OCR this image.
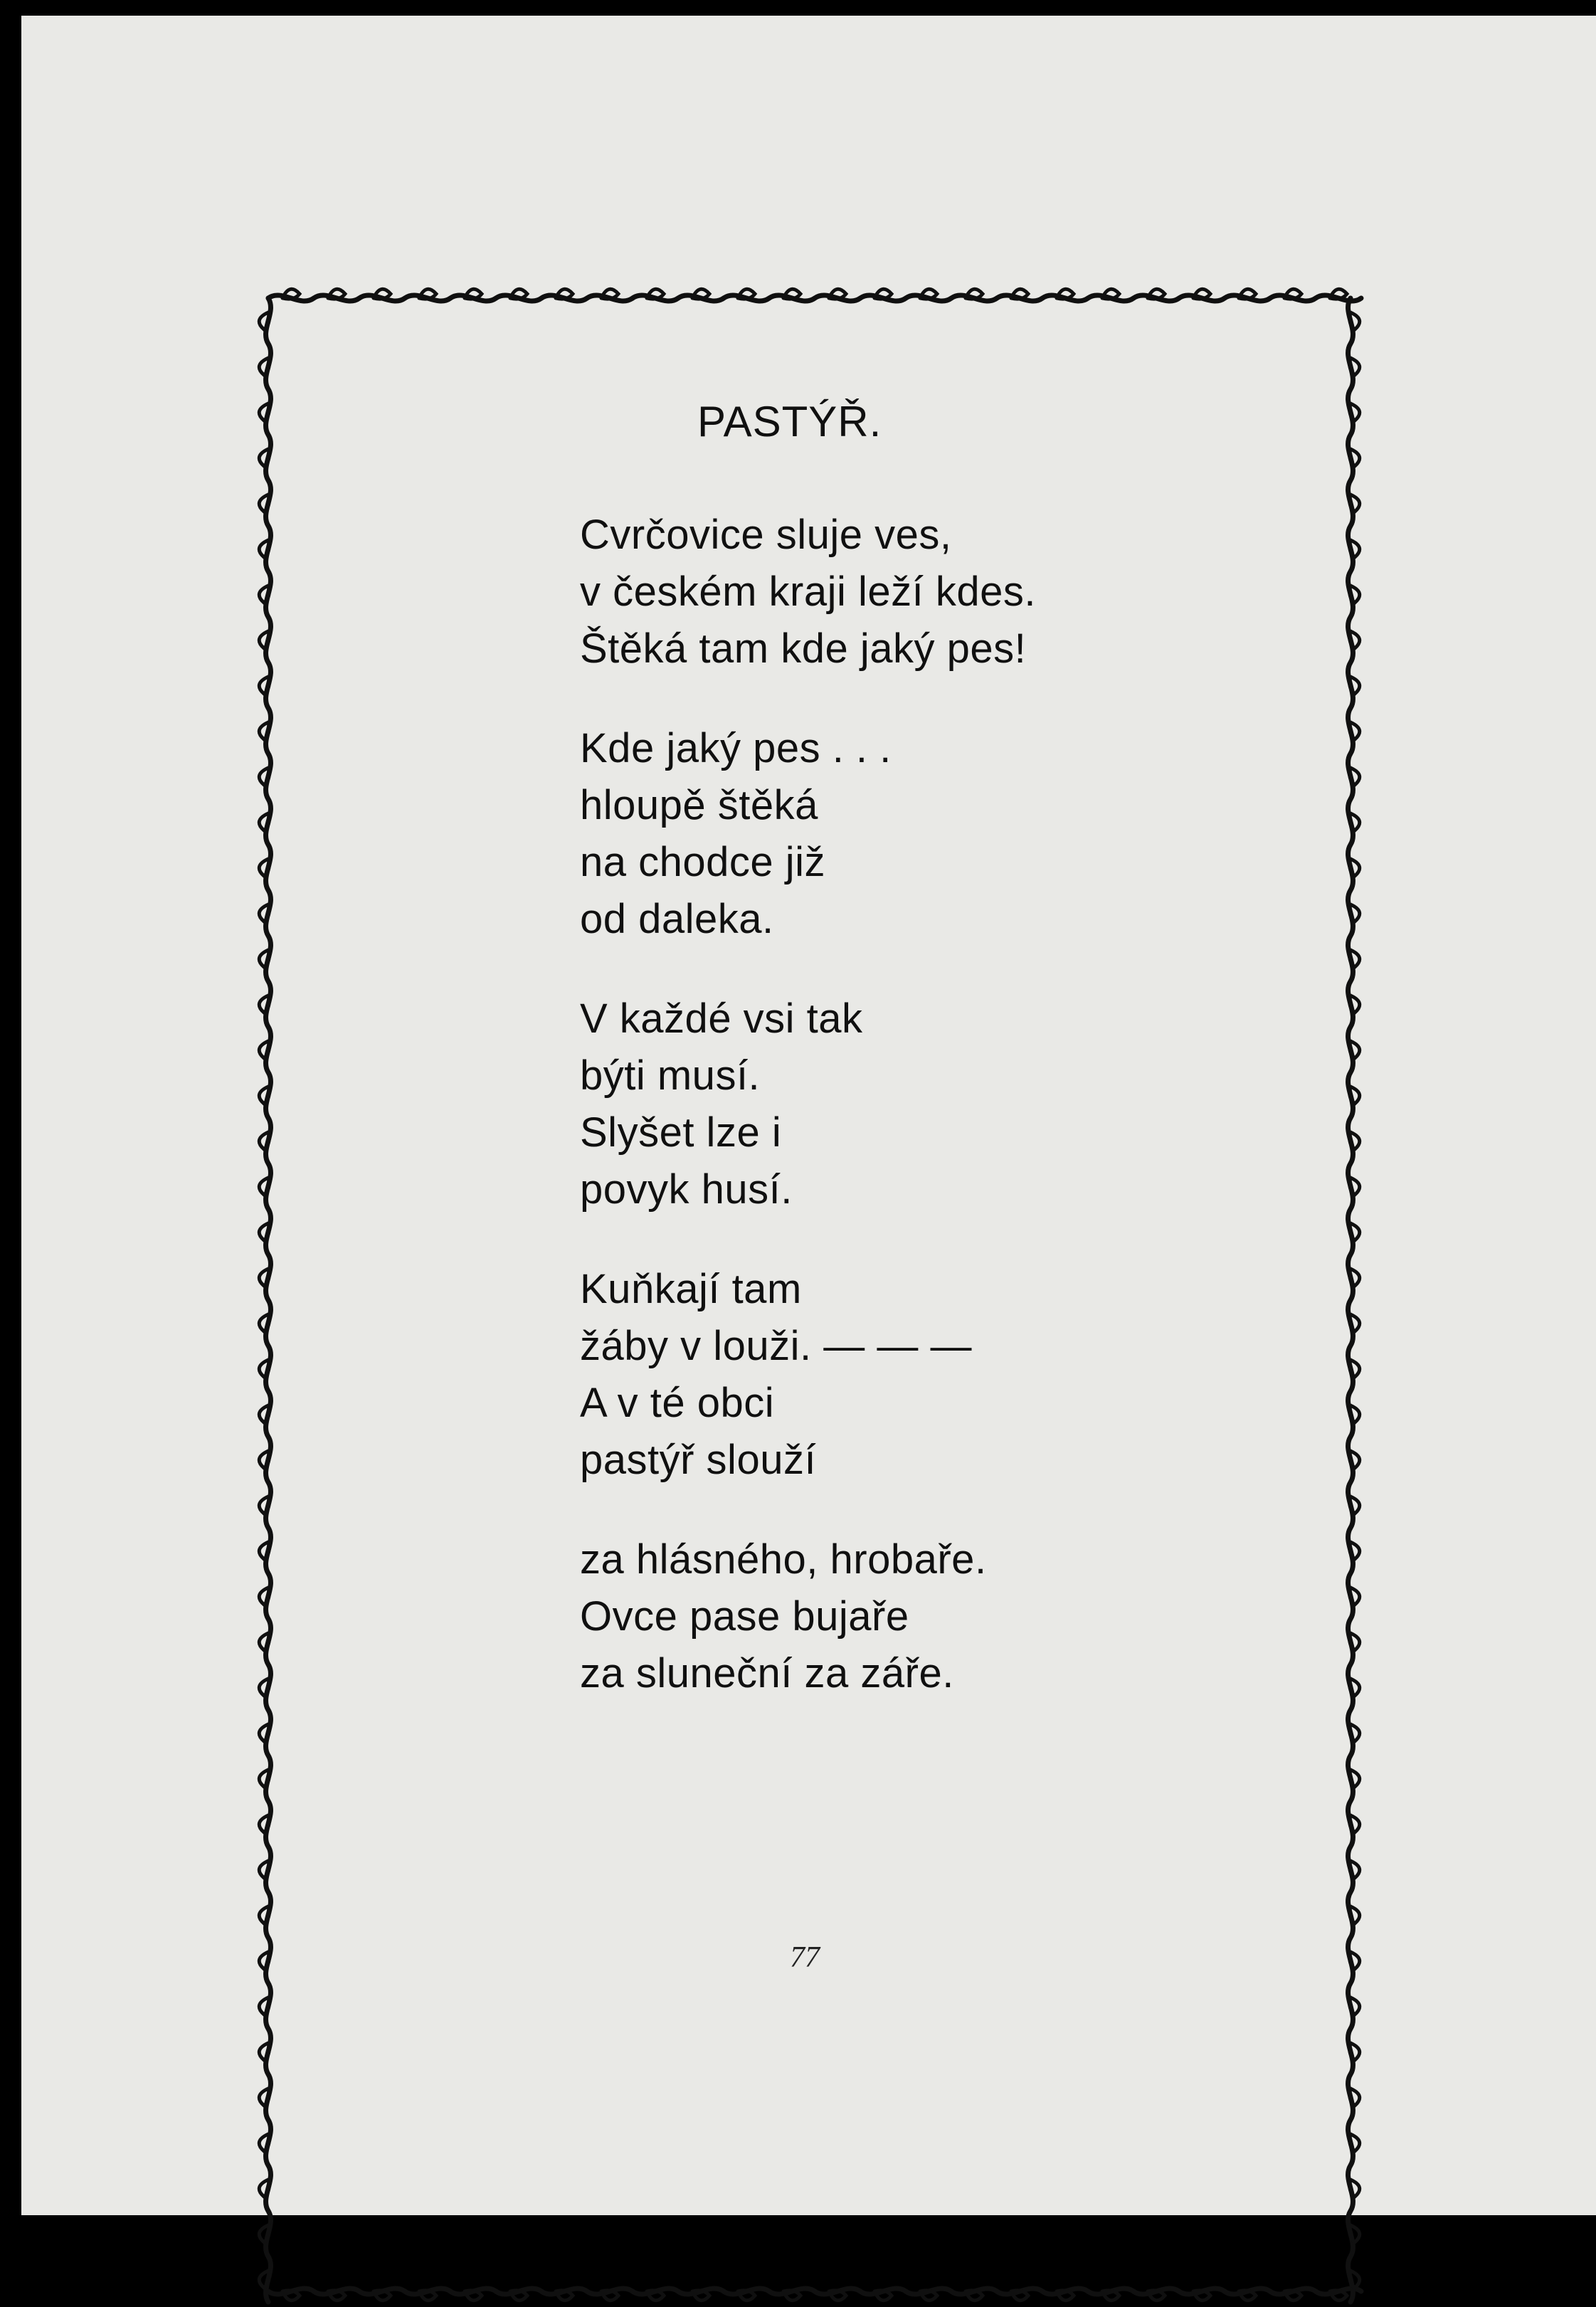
PASTÝŘ.
Cvrčovice sluje ves,
v českém kraji leží kdes.
Štěká tam kde jaký pes!
Kde jaký pes . . .
hloupě štěká
na chodce již
od daleka.
V každé vsi tak
býti musí.
Slyšet lze i
povyk husí.
Kuňkají tam
žáby v louži. — — —
A v té obci
pastýř slouží
za hlásného, hrobaře.
Ovce pase bujaře
za sluneční za záře.
77
